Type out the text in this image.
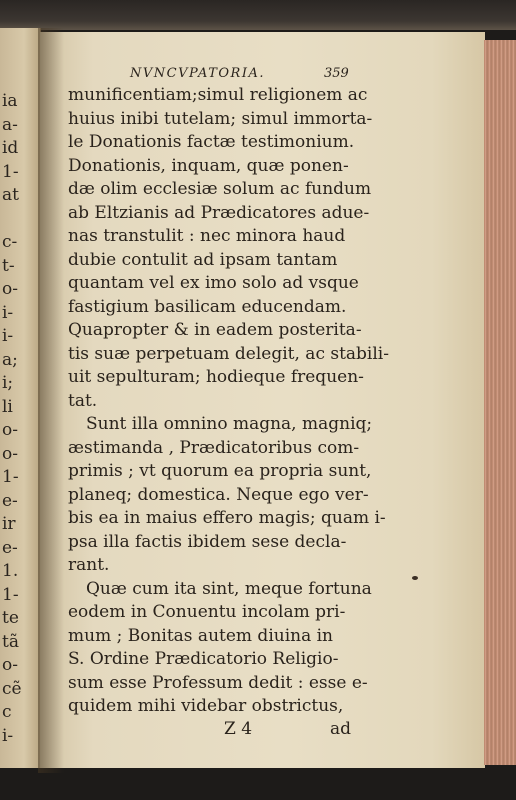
ia
a-
id
1-
at

c-
t-
o-
i-
i-
a;
i;
li
o-
o-
1-
e-
ir
e-
1.
1-
te
tã
o-
cẽ
c
i-
NVNCVPATORIA.	359
munificentiam;simul religionem ac
huius inibi tutelam; simul immorta-
le Donationis factæ testimonium.
Donationis, inquam, quæ ponen-
dæ olim ecclesiæ solum ac fundum
ab Eltzianis ad Prædicatores adue-
nas transtulit : nec minora haud
dubie contulit ad ipsam tantam
quantam vel ex imo solo ad vsque
fastigium basilicam educendam.
Quapropter & in eadem posterita-
tis suæ perpetuam delegit, ac stabili-
uit sepulturam; hodieque frequen-
tat.
Sunt illa omnino magna, magniq;
æstimanda , Prædicatoribus com-
primis ; vt quorum ea propria sunt,
planeq; domestica. Neque ego ver-
bis ea in maius effero magis; quam i-
psa illa factis ibidem sese decla-
rant.
Quæ cum ita sint, meque fortuna
eodem in Conuentu incolam pri-
mum ; Bonitas autem diuina in
S. Ordine Prædicatorio Religio-
sum esse Professum dedit : esse e-
quidem mihi videbar obstrictus,
Z 4	ad
